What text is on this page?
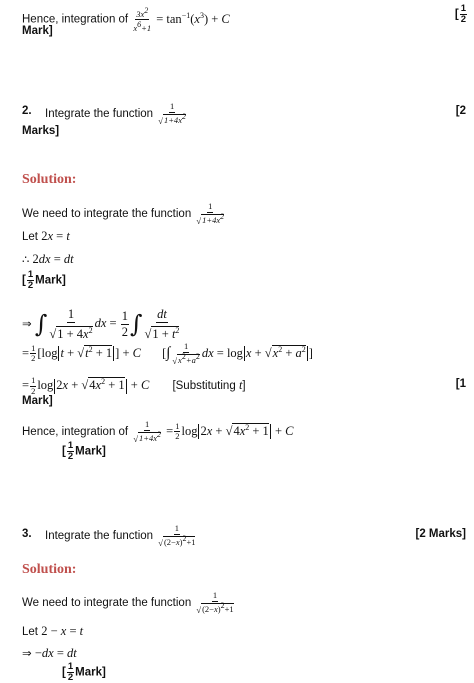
Hence, integration of $\frac{3x^2}{x^6+1} = \tan^{-1}(x^3) + C$	[ $\frac{1}{2}$
Mark]
2. Integrate the function $\frac{1}{√1+4x^2}$	[2
Marks]
Solution:
We need to integrate the function $\frac{1}{√1+4x^2}$
Let 2x = t
∴ 2dx = dt
[ $\frac{1}{2}$ Mark]
⇒ ∫ $\frac{1}{√1 + 4x^2}$ dx = $\frac{1}{2}$ ∫ $\frac{dt}{√1 + t^2}$
= $\frac{1}{2} [\log$ $t + √t^2 + 1$ ] + C [∫ $\frac{1}{√x^2+a^2}$ dx = $\log x + √x^2 + a^2$ ]
= $\frac{1}{2}$ $\log 2x + √4x^2 + 1 + C$ [Substituting t]	[1
Mark]
Hence, integration of $\frac{1}{√1+4x^2} = \frac{1}{2}$ $\log 2x + √4x^2 + 1 + C$
[ $\frac{1}{2}$ Mark]
3. Integrate the function $\frac{1}{√(2-x)^2+1}$	[2 Marks]
Solution:
We need to integrate the function $\frac{1}{√(2-x)^2+1}$
Let 2 − x = t
⇒ −dx = dt
[ $\frac{1}{2}$ Mark]
